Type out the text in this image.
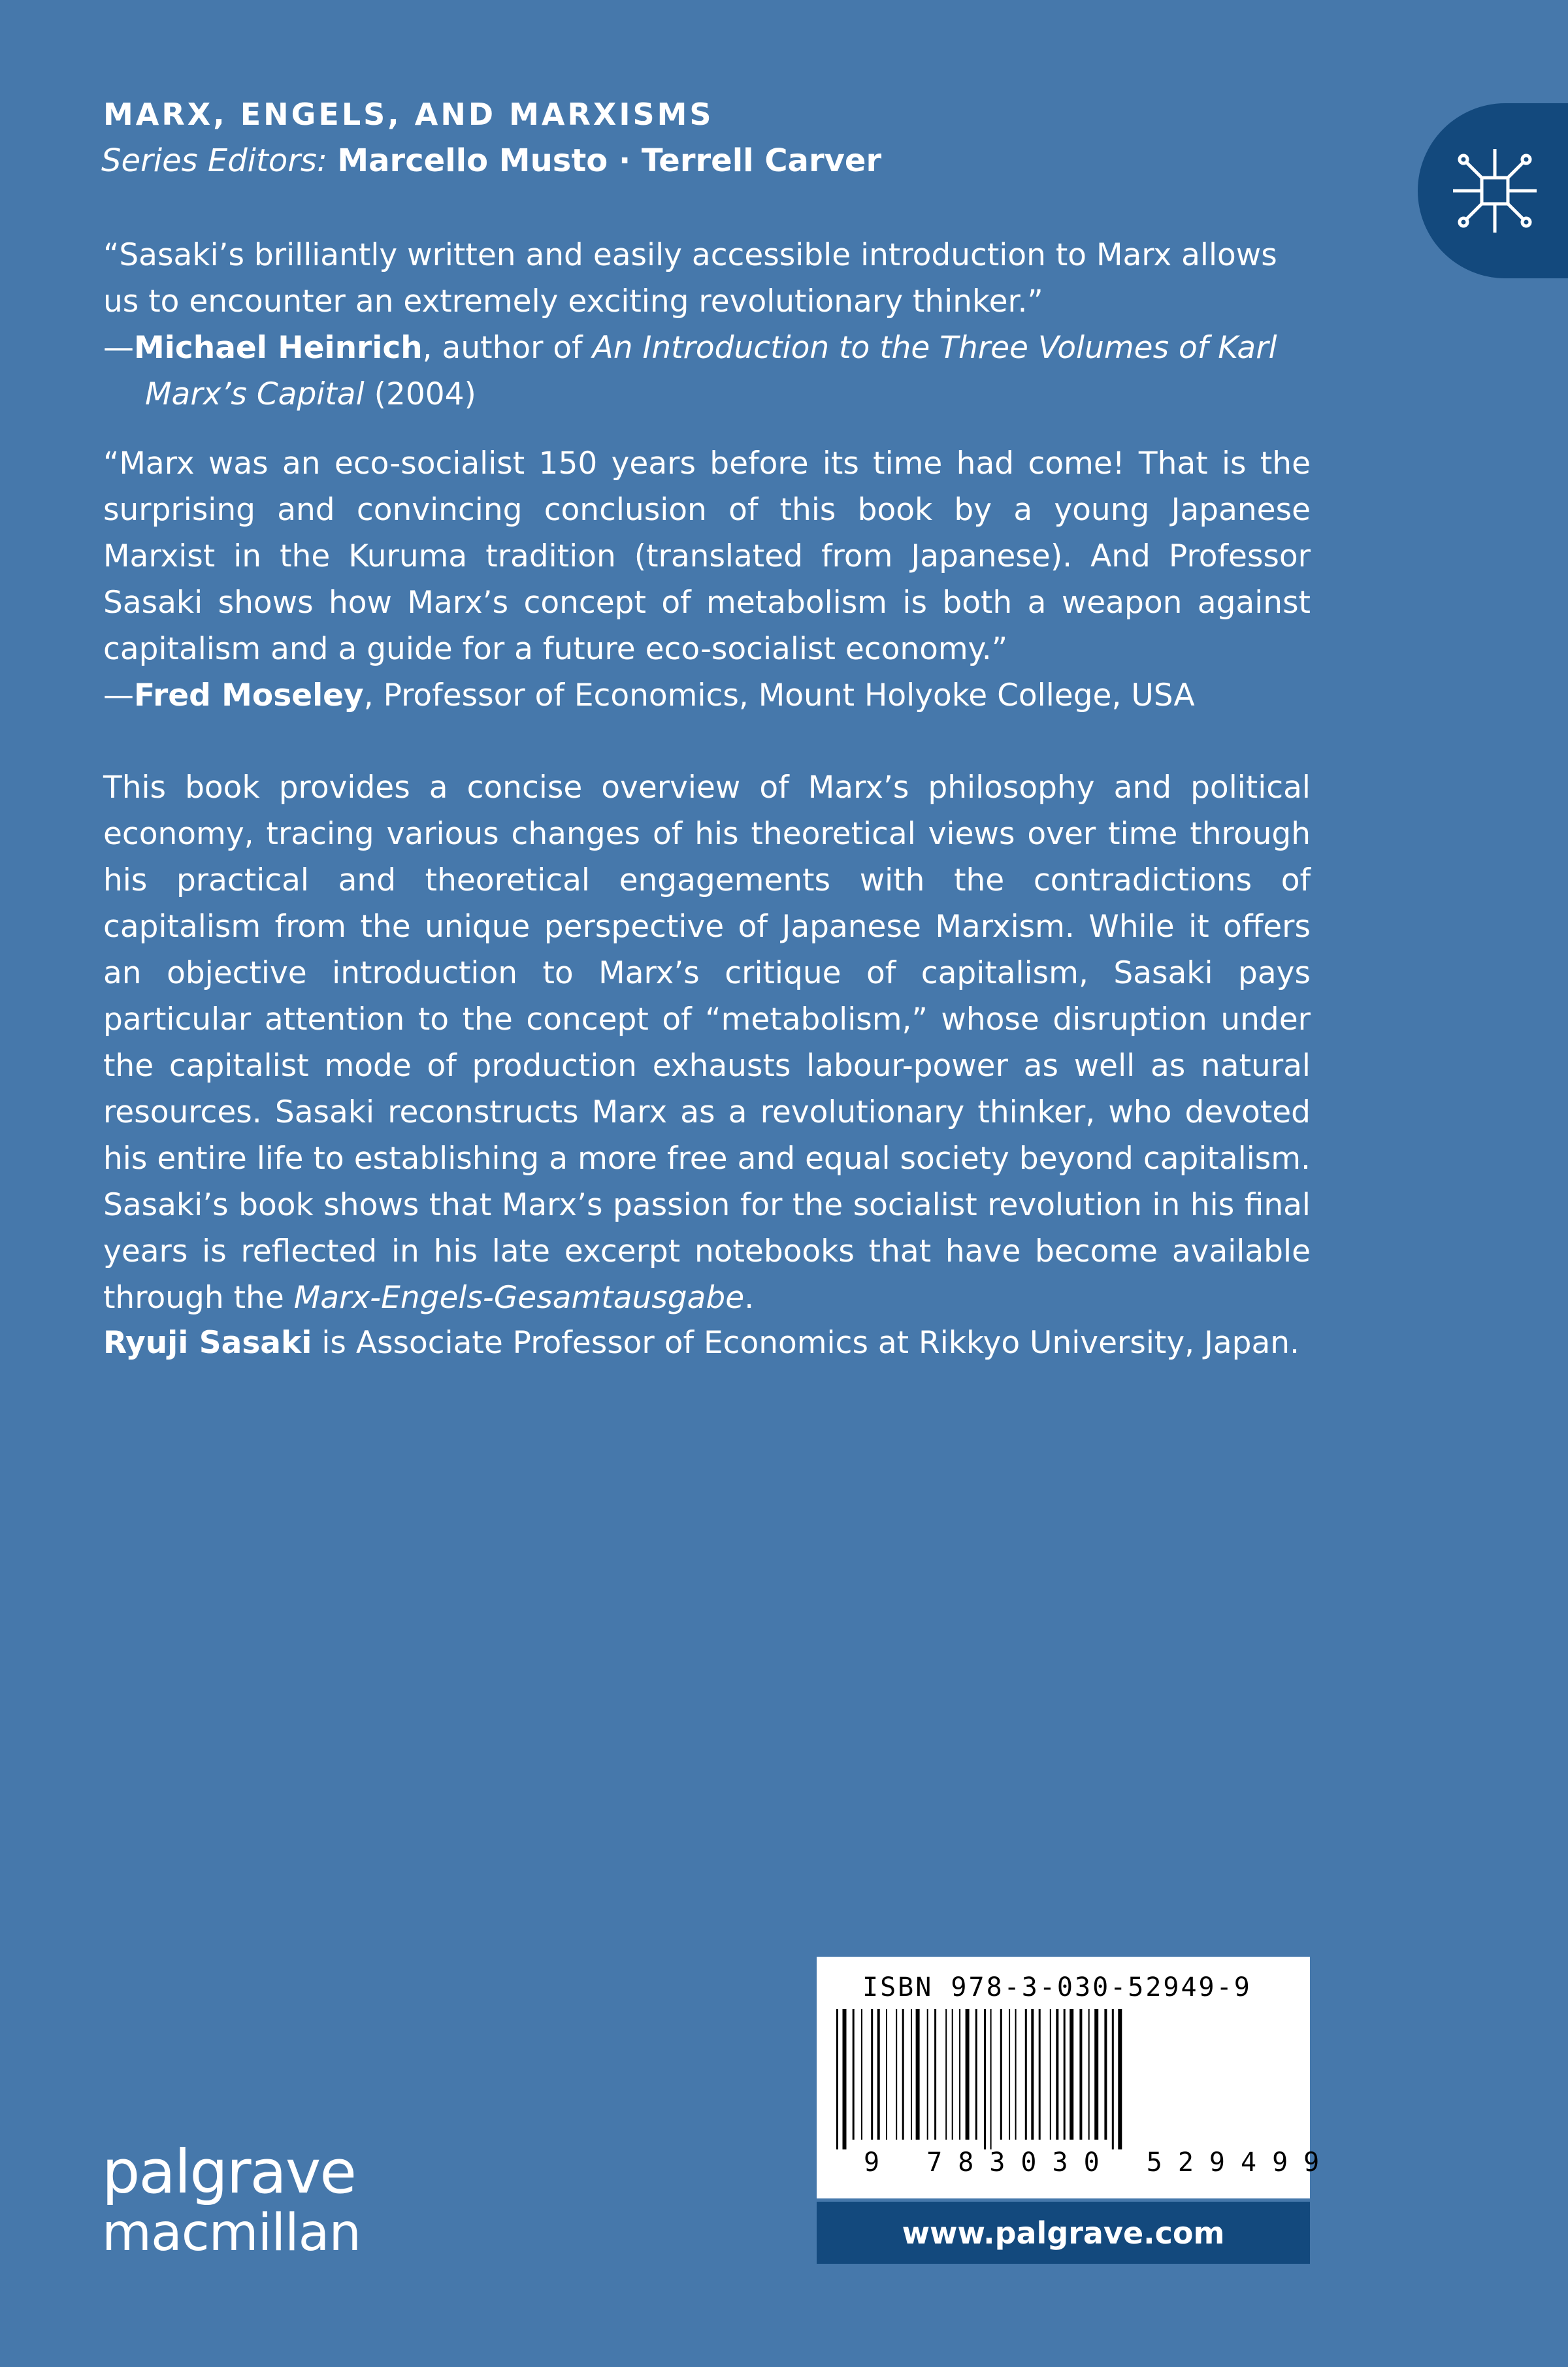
MARX, ENGELS, AND MARXISMS
Series Editors: Marcello Musto · Terrell Carver
“Sasaki’s brilliantly written and easily accessible introduction to Marx allows us to encounter an extremely exciting revolutionary thinker.”
—Michael Heinrich, author of An Introduction to the Three Volumes of Karl Marx’s Capital (2004)
“Marx was an eco-socialist 150 years before its time had come! That is the surprising and convincing conclusion of this book by a young Japanese Marxist in the Kuruma tradition (translated from Japanese). And Professor Sasaki shows how Marx’s concept of metabolism is both a weapon against capitalism and a guide for a future eco-socialist economy.”
—Fred Moseley, Professor of Economics, Mount Holyoke College, USA
This book provides a concise overview of Marx’s philosophy and political economy, tracing various changes of his theoretical views over time through his practical and theoretical engagements with the contradictions of capitalism from the unique perspective of Japanese Marxism. While it offers an objective introduction to Marx’s critique of capitalism, Sasaki pays particular attention to the concept of “metabolism,” whose disruption under the capitalist mode of production exhausts labour-power as well as natural resources. Sasaki reconstructs Marx as a revolutionary thinker, who devoted his entire life to establishing a more free and equal society beyond capitalism. Sasaki’s book shows that Marx’s passion for the socialist revolution in his final years is reflected in his late excerpt notebooks that have become available through the Marx-Engels-Gesamtausgabe.
Ryuji Sasaki is Associate Professor of Economics at Rikkyo University, Japan.
ISBN 978-3-030-52949-9
9 783030 529499
www.palgrave.com
palgrave
macmillan
